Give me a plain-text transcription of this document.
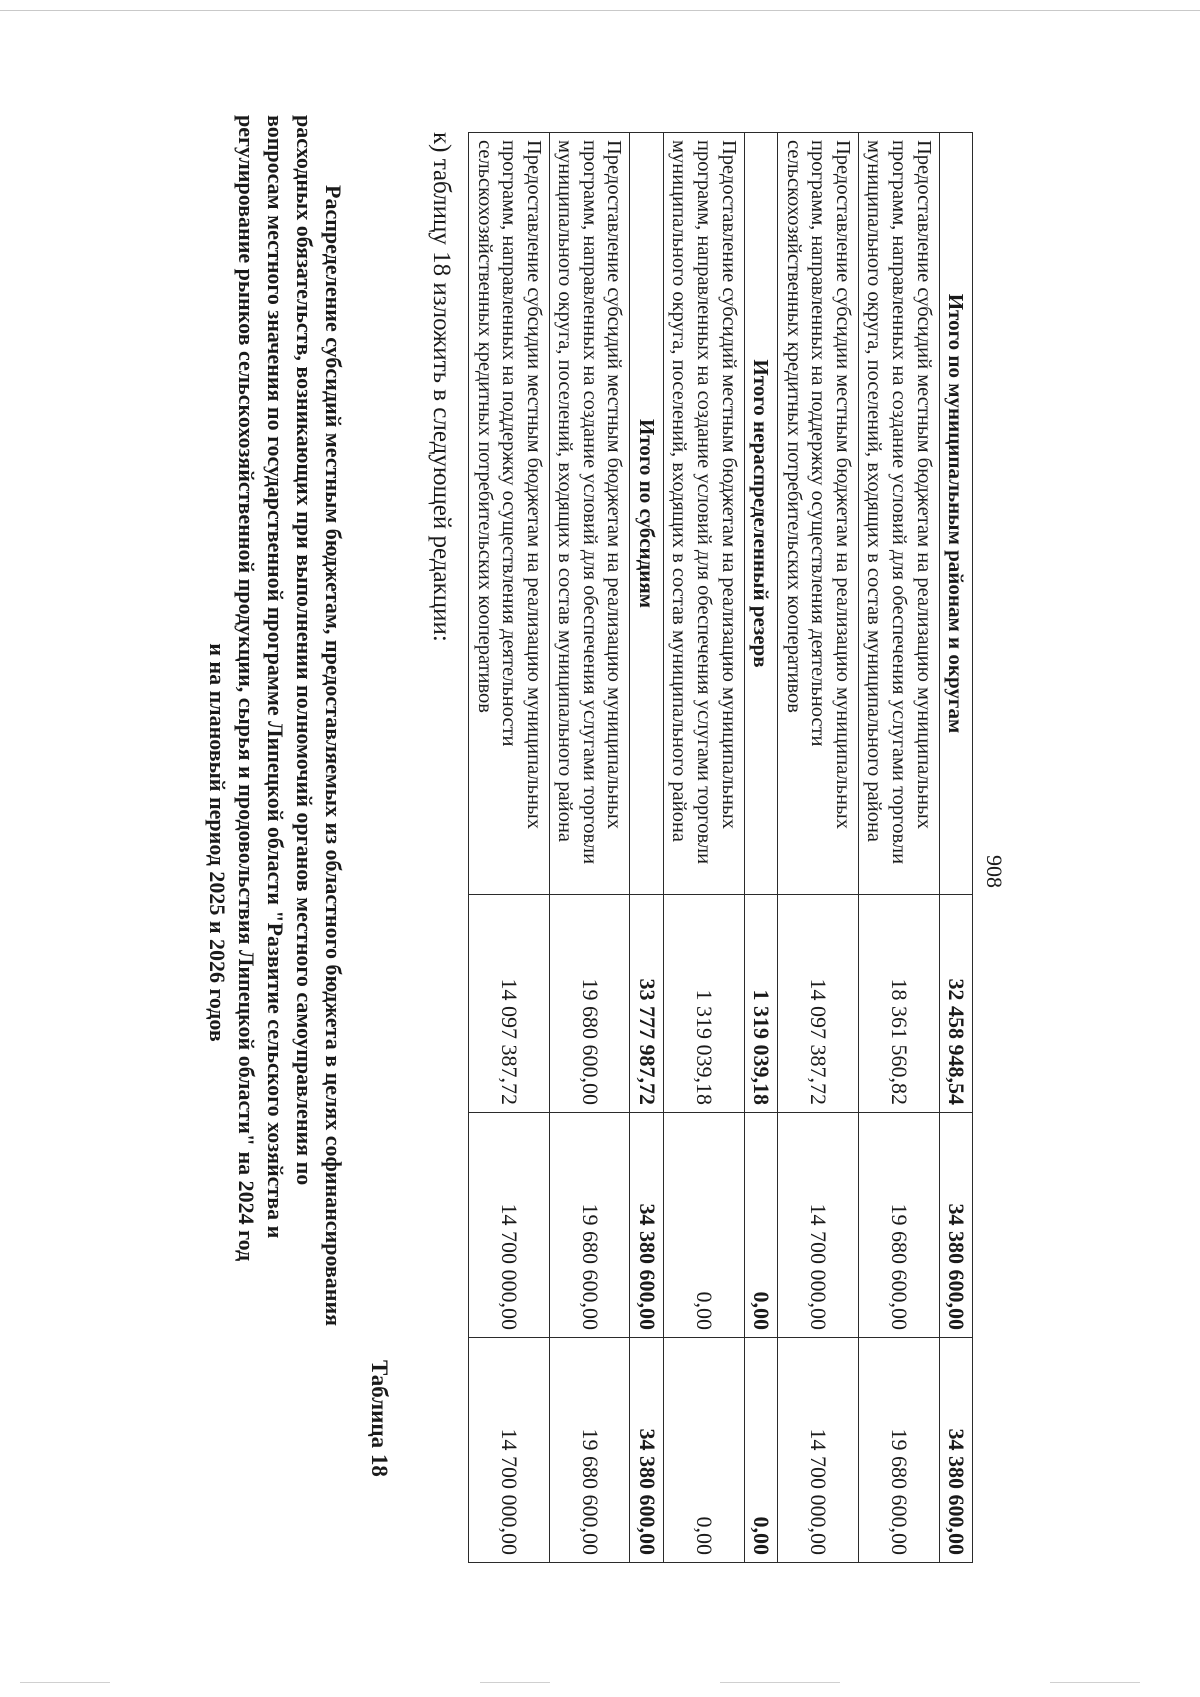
908
Итого по муниципальным районам и округам	32 458 948,54	34 380 600,00	34 380 600,00
Предоставление субсидий местным бюджетам на реализацию муниципальных программ, направленных на создание условий для обеспечения услугами торговли муниципального округа, поселений, входящих в состав муниципального района	18 361 560,82	19 680 600,00	19 680 600,00
Предоставление субсидии местным бюджетам на реализацию муниципальных программ, направленных на поддержку осуществления деятельности сельскохозяйственных кредитных потребительских кооперативов	14 097 387,72	14 700 000,00	14 700 000,00
Итого нераспределенный резерв	1 319 039,18	0,00	0,00
Предоставление субсидий местным бюджетам на реализацию муниципальных программ, направленных на создание условий для обеспечения услугами торговли муниципального округа, поселений, входящих в состав муниципального района	1 319 039,18	0,00	0,00
Итого по субсидиям	33 777 987,72	34 380 600,00	34 380 600,00
Предоставление субсидий местным бюджетам на реализацию муниципальных программ, направленных на создание условий для обеспечения услугами торговли муниципального округа, поселений, входящих в состав муниципального района	19 680 600,00	19 680 600,00	19 680 600,00
Предоставление субсидии местным бюджетам на реализацию муниципальных программ, направленных на поддержку осуществления деятельности сельскохозяйственных кредитных потребительских кооперативов	14 097 387,72	14 700 000,00	14 700 000,00
к) таблицу 18 изложить в следующей редакции:
Таблица 18
Распределение субсидий местным бюджетам, предоставляемых из областного бюджета в целях софинансирования
расходных обязательств, возникающих при выполнении полномочий органов местного самоуправления по
вопросам местного значения по государственной программе Липецкой области "Развитие сельского хозяйства и
регулирование рынков сельскохозяйственной продукции, сырья и продовольствия Липецкой области" на 2024 год
и на плановый период 2025 и 2026 годов
